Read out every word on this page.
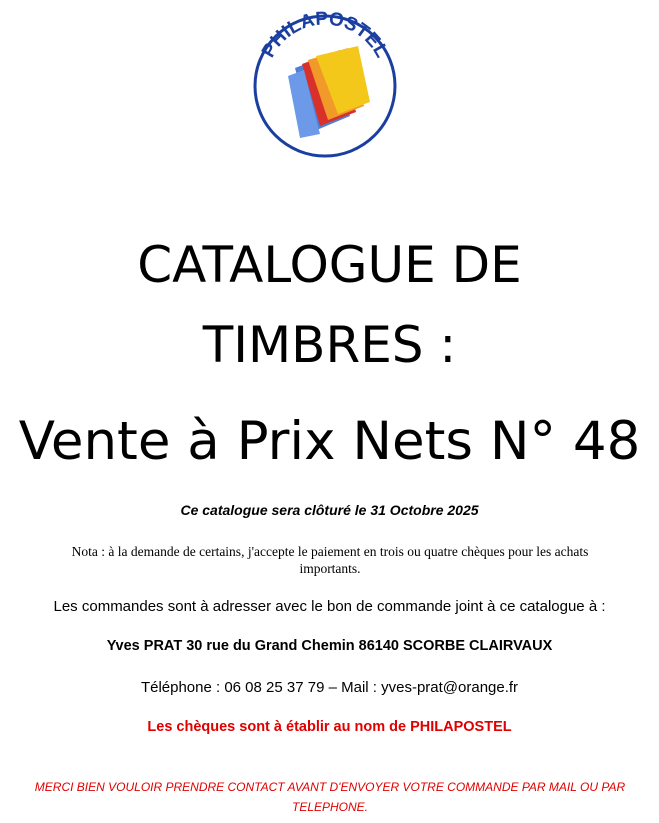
PHILAPOSTEL
CATALOGUE DE
TIMBRES :
Vente à Prix Nets N° 48

Ce catalogue sera clôturé le 31 Octobre 2025

Nota : à la demande de certains, j'accepte le paiement en trois ou quatre chèques pour les achats importants.

Les commandes sont à adresser avec le bon de commande joint à ce catalogue à :

Yves PRAT 30 rue du Grand Chemin 86140 SCORBE CLAIRVAUX

Téléphone : 06 08 25 37 79 – Mail : yves-prat@orange.fr

Les chèques sont à établir au nom de PHILAPOSTEL

MERCI BIEN VOULOIR PRENDRE CONTACT AVANT D'ENVOYER VOTRE COMMANDE PAR MAIL OU PAR TELEPHONE.
